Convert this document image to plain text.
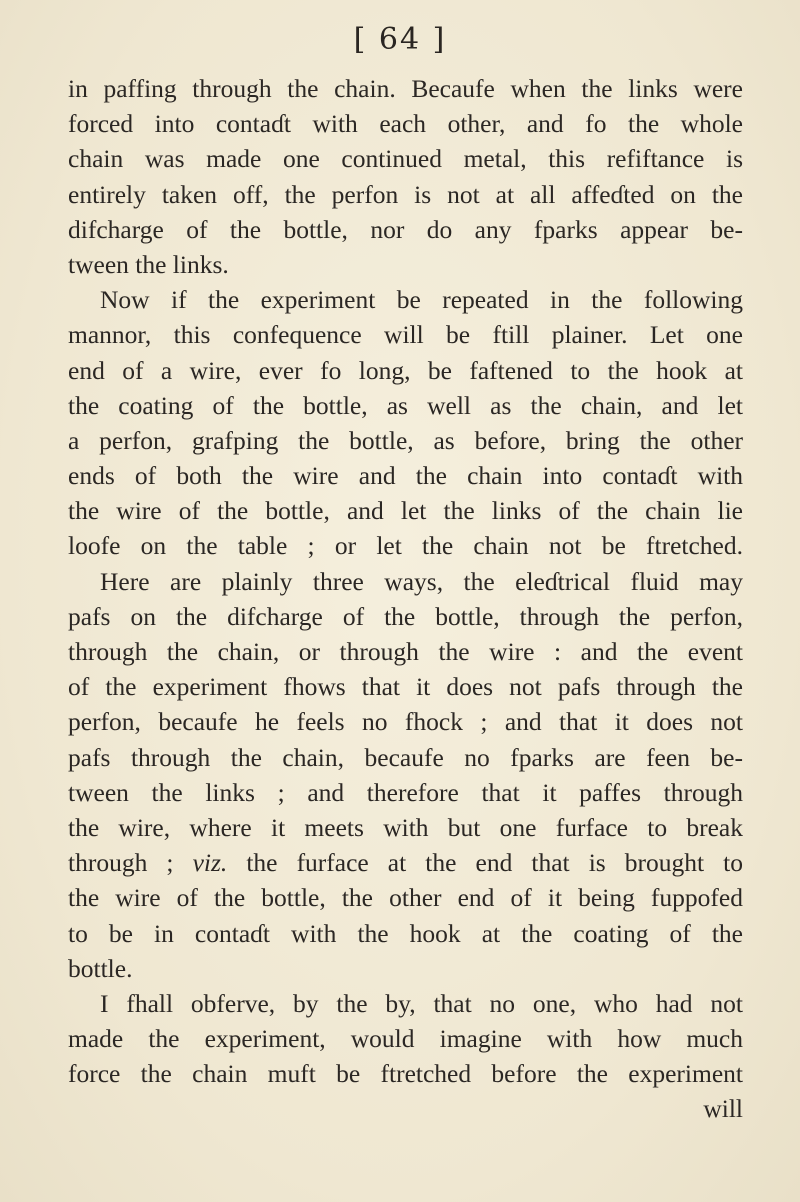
[ 64 ]
in paffing through the chain. Becaufe when the links were
forced into contaɗt with each other, and fo the whole
chain was made one continued metal, this refiftance is
entirely taken off, the perfon is not at all affeɗted on the
difcharge of the bottle, nor do any fparks appear be-
tween the links.
Now if the experiment be repeated in the following
mannor, this confequence will be ftill plainer. Let one
end of a wire, ever fo long, be faftened to the hook at
the coating of the bottle, as well as the chain, and let
a perfon, grafping the bottle, as before, bring the other
ends of both the wire and the chain into contaɗt with
the wire of the bottle, and let the links of the chain lie
loofe on the table ; or let the chain not be ftretched.
Here are plainly three ways, the eleɗtrical fluid may
pafs on the difcharge of the bottle, through the perfon,
through the chain, or through the wire : and the event
of the experiment fhows that it does not pafs through the
perfon, becaufe he feels no fhock ; and that it does not
pafs through the chain, becaufe no fparks are feen be-
tween the links ; and therefore that it paffes through
the wire, where it meets with but one furface to break
through ; viz. the furface at the end that is brought to
the wire of the bottle, the other end of it being fuppofed
to be in contaɗt with the hook at the coating of the
bottle.
I fhall obferve, by the by, that no one, who had not
made the experiment, would imagine with how much
force the chain muft be ftretched before the experiment
will
